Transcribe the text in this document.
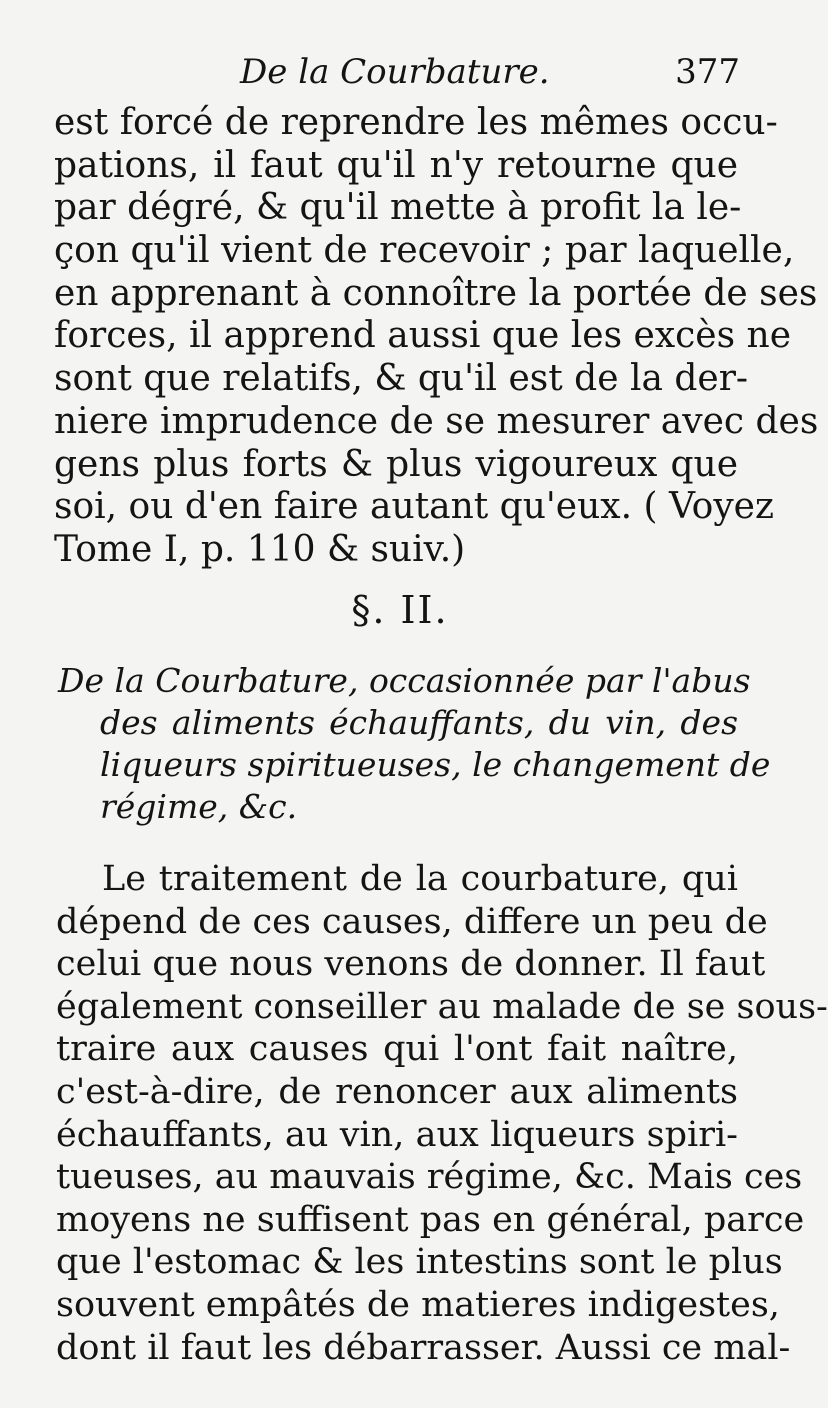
De la Courbature.	377
est forcé de reprendre les mêmes occu-
pations, il faut qu'il n'y retourne que
par dégré, & qu'il mette à profit la le-
çon qu'il vient de recevoir ; par laquelle,
en apprenant à connoître la portée de ses
forces, il apprend aussi que les excès ne
sont que relatifs, & qu'il est de la der-
niere imprudence de se mesurer avec des
gens plus forts & plus vigoureux que
soi, ou d'en faire autant qu'eux. ( Voyez
Tome I, p. 110 & suiv.)
§. II.
De la Courbature, occasionnée par l'abus
des aliments échauffants, du vin, des
liqueurs spiritueuses, le changement de
régime, &c.
Le traitement de la courbature, qui
dépend de ces causes, differe un peu de
celui que nous venons de donner. Il faut
également conseiller au malade de se sous-
traire aux causes qui l'ont fait naître,
c'est-à-dire, de renoncer aux aliments
échauffants, au vin, aux liqueurs spiri-
tueuses, au mauvais régime, &c. Mais ces
moyens ne suffisent pas en général, parce
que l'estomac & les intestins sont le plus
souvent empâtés de matieres indigestes,
dont il faut les débarrasser. Aussi ce mal-
